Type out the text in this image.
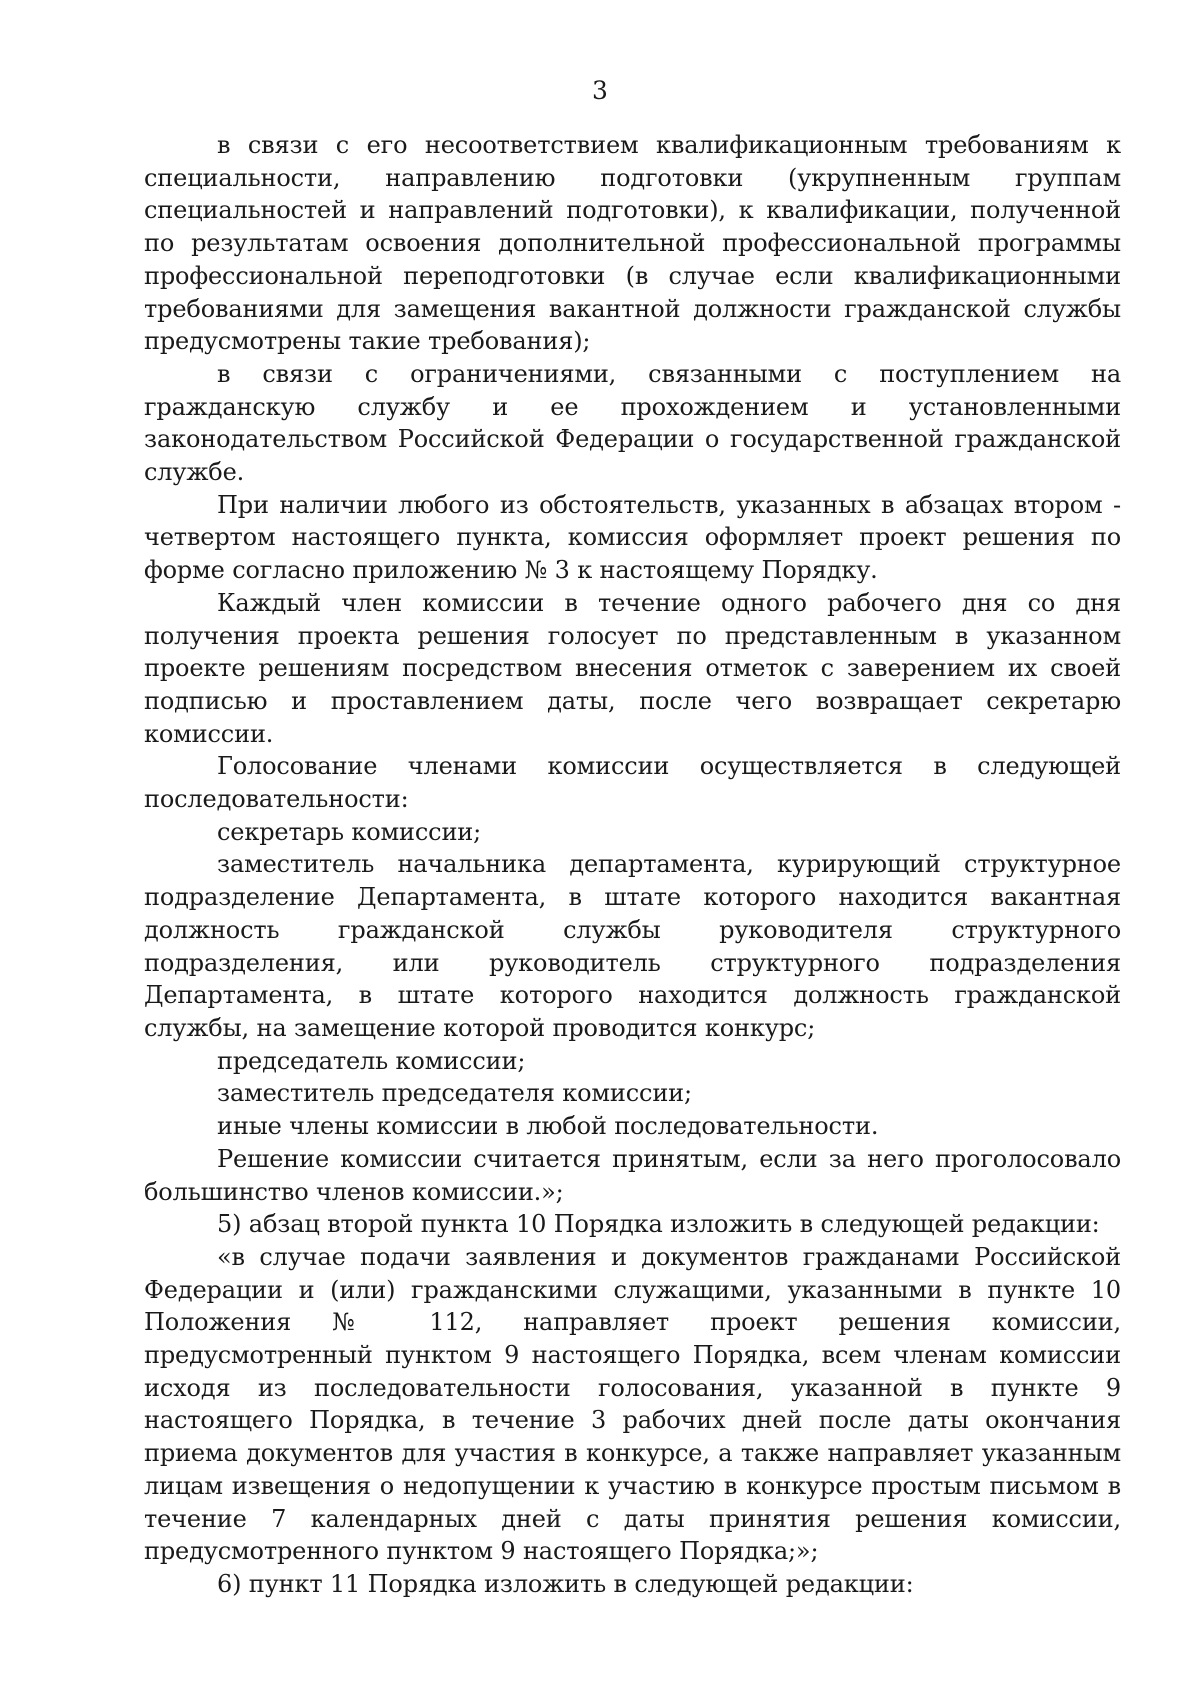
3

в связи с его несоответствием квалификационным требованиям к специальности, направлению подготовки (укрупненным группам специальностей и направлений подготовки), к квалификации, полученной по результатам освоения дополнительной профессиональной программы профессиональной переподготовки (в случае если квалификационными требованиями для замещения вакантной должности гражданской службы предусмотрены такие требования);

в связи с ограничениями, связанными с поступлением на гражданскую службу и ее прохождением и установленными законодательством Российской Федерации о государственной гражданской службе.

При наличии любого из обстоятельств, указанных в абзацах втором - четвертом настоящего пункта, комиссия оформляет проект решения по форме согласно приложению № 3 к настоящему Порядку.

Каждый член комиссии в течение одного рабочего дня со дня получения проекта решения голосует по представленным в указанном проекте решениям посредством внесения отметок с заверением их своей подписью и проставлением даты, после чего возвращает секретарю комиссии.

Голосование членами комиссии осуществляется в следующей последовательности:

секретарь комиссии;

заместитель начальника департамента, курирующий структурное подразделение Департамента, в штате которого находится вакантная должность гражданской службы руководителя структурного подразделения, или руководитель структурного подразделения Департамента, в штате которого находится должность гражданской службы, на замещение которой проводится конкурс;

председатель комиссии;

заместитель председателя комиссии;

иные члены комиссии в любой последовательности.

Решение комиссии считается принятым, если за него проголосовало большинство членов комиссии.»;

5) абзац второй пункта 10 Порядка изложить в следующей редакции:

«в случае подачи заявления и документов гражданами Российской Федерации и (или) гражданскими служащими, указанными в пункте 10 Положения № 112, направляет проект решения комиссии, предусмотренный пунктом 9 настоящего Порядка, всем членам комиссии исходя из последовательности голосования, указанной в пункте 9 настоящего Порядка, в течение 3 рабочих дней после даты окончания приема документов для участия в конкурсе, а также направляет указанным лицам извещения о недопущении к участию в конкурсе простым письмом в течение 7 календарных дней с даты принятия решения комиссии, предусмотренного пунктом 9 настоящего Порядка;»;

6) пункт 11 Порядка изложить в следующей редакции:
